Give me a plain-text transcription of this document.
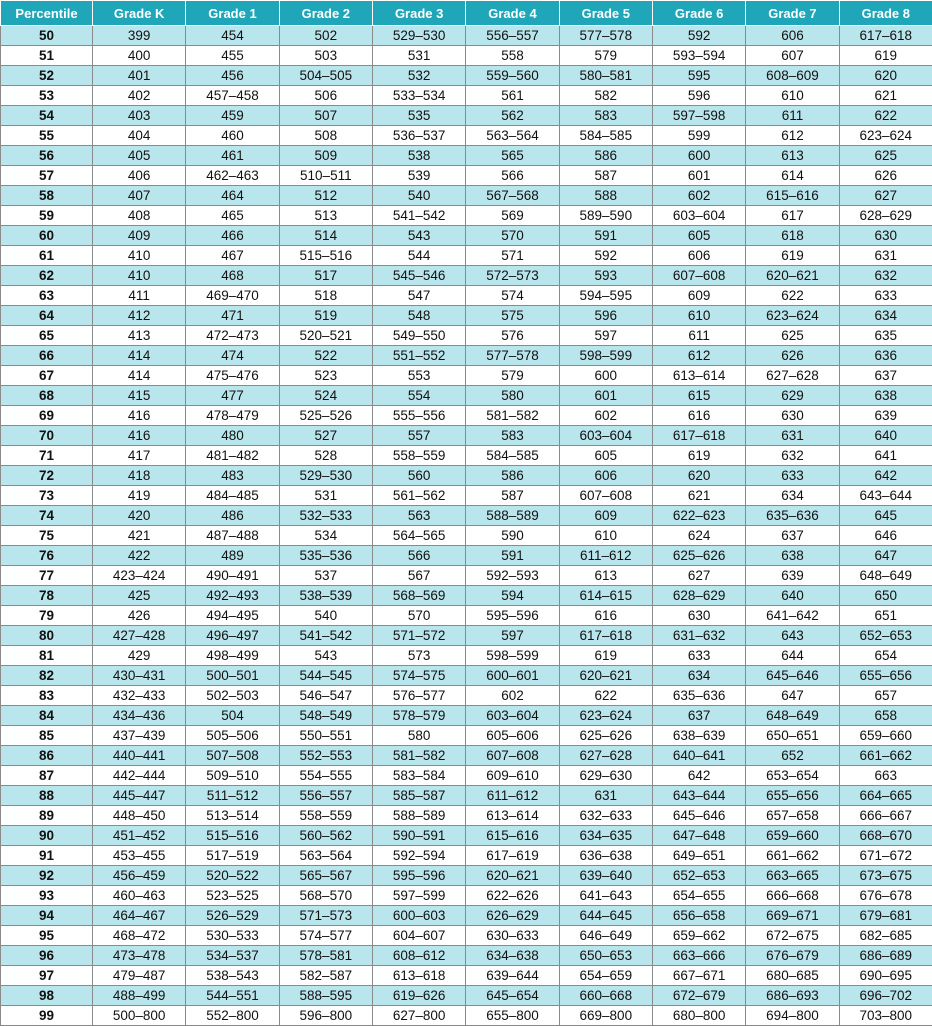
Percentile	Grade K	Grade 1	Grade 2	Grade 3	Grade 4	Grade 5	Grade 6	Grade 7	Grade 8
50	399	454	502	529–530	556–557	577–578	592	606	617–618
51	400	455	503	531	558	579	593–594	607	619
52	401	456	504–505	532	559–560	580–581	595	608–609	620
53	402	457–458	506	533–534	561	582	596	610	621
54	403	459	507	535	562	583	597–598	611	622
55	404	460	508	536–537	563–564	584–585	599	612	623–624
56	405	461	509	538	565	586	600	613	625
57	406	462–463	510–511	539	566	587	601	614	626
58	407	464	512	540	567–568	588	602	615–616	627
59	408	465	513	541–542	569	589–590	603–604	617	628–629
60	409	466	514	543	570	591	605	618	630
61	410	467	515–516	544	571	592	606	619	631
62	410	468	517	545–546	572–573	593	607–608	620–621	632
63	411	469–470	518	547	574	594–595	609	622	633
64	412	471	519	548	575	596	610	623–624	634
65	413	472–473	520–521	549–550	576	597	611	625	635
66	414	474	522	551–552	577–578	598–599	612	626	636
67	414	475–476	523	553	579	600	613–614	627–628	637
68	415	477	524	554	580	601	615	629	638
69	416	478–479	525–526	555–556	581–582	602	616	630	639
70	416	480	527	557	583	603–604	617–618	631	640
71	417	481–482	528	558–559	584–585	605	619	632	641
72	418	483	529–530	560	586	606	620	633	642
73	419	484–485	531	561–562	587	607–608	621	634	643–644
74	420	486	532–533	563	588–589	609	622–623	635–636	645
75	421	487–488	534	564–565	590	610	624	637	646
76	422	489	535–536	566	591	611–612	625–626	638	647
77	423–424	490–491	537	567	592–593	613	627	639	648–649
78	425	492–493	538–539	568–569	594	614–615	628–629	640	650
79	426	494–495	540	570	595–596	616	630	641–642	651
80	427–428	496–497	541–542	571–572	597	617–618	631–632	643	652–653
81	429	498–499	543	573	598–599	619	633	644	654
82	430–431	500–501	544–545	574–575	600–601	620–621	634	645–646	655–656
83	432–433	502–503	546–547	576–577	602	622	635–636	647	657
84	434–436	504	548–549	578–579	603–604	623–624	637	648–649	658
85	437–439	505–506	550–551	580	605–606	625–626	638–639	650–651	659–660
86	440–441	507–508	552–553	581–582	607–608	627–628	640–641	652	661–662
87	442–444	509–510	554–555	583–584	609–610	629–630	642	653–654	663
88	445–447	511–512	556–557	585–587	611–612	631	643–644	655–656	664–665
89	448–450	513–514	558–559	588–589	613–614	632–633	645–646	657–658	666–667
90	451–452	515–516	560–562	590–591	615–616	634–635	647–648	659–660	668–670
91	453–455	517–519	563–564	592–594	617–619	636–638	649–651	661–662	671–672
92	456–459	520–522	565–567	595–596	620–621	639–640	652–653	663–665	673–675
93	460–463	523–525	568–570	597–599	622–626	641–643	654–655	666–668	676–678
94	464–467	526–529	571–573	600–603	626–629	644–645	656–658	669–671	679–681
95	468–472	530–533	574–577	604–607	630–633	646–649	659–662	672–675	682–685
96	473–478	534–537	578–581	608–612	634–638	650–653	663–666	676–679	686–689
97	479–487	538–543	582–587	613–618	639–644	654–659	667–671	680–685	690–695
98	488–499	544–551	588–595	619–626	645–654	660–668	672–679	686–693	696–702
99	500–800	552–800	596–800	627–800	655–800	669–800	680–800	694–800	703–800
